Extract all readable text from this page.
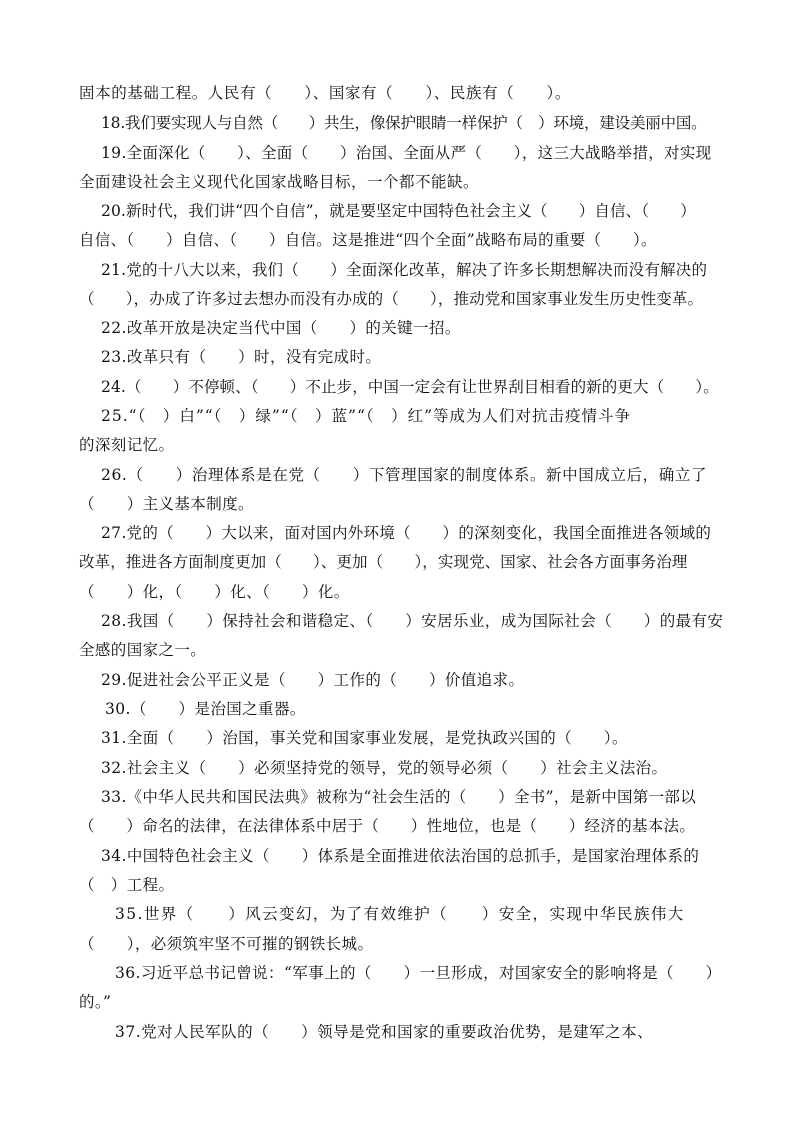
固本的基础工程。人民有（　　）、国家有（　　）、民族有（　　）。
18.我们要实现人与自然（　　）共生，像保护眼睛一样保护（　）环境，建设美丽中国。
19.全面深化（　　）、全面（　　）治国、全面从严（　　），这三大战略举措，对实现
全面建设社会主义现代化国家战略目标，一个都不能缺。
20.新时代，我们讲“四个自信”，就是要坚定中国特色社会主义（　　）自信、（　　）
自信、（　　）自信、（　　）自信。这是推进“四个全面”战略布局的重要（　　）。
21.党的十八大以来，我们（　　）全面深化改革，解决了许多长期想解决而没有解决的
（　　），办成了许多过去想办而没有办成的（　　），推动党和国家事业发生历史性变革。
22.改革开放是决定当代中国（　　）的关键一招。
23.改革只有（　　）时，没有完成时。
24.（　　）不停顿、（　　）不止步，中国一定会有让世界刮目相看的新的更大（　　）。
25.“（　）白”“（　）绿”“（　）蓝”“（　）红”等成为人们对抗击疫情斗争
的深刻记忆。
26.（　　）治理体系是在党（　　）下管理国家的制度体系。新中国成立后，确立了
（　　）主义基本制度。
27.党的（　　）大以来，面对国内外环境（　　）的深刻变化，我国全面推进各领域的
改革，推进各方面制度更加（　　）、更加（　　），实现党、国家、社会各方面事务治理
（　　）化，（　　）化、（　　）化。
28.我国（　　）保持社会和谐稳定、（　　）安居乐业，成为国际社会（　　）的最有安
全感的国家之一。
29.促进社会公平正义是（　　）工作的（　　）价值追求。
30.（　　）是治国之重器。
31.全面（　　）治国，事关党和国家事业发展，是党执政兴国的（　　）。
32.社会主义（　　）必须坚持党的领导，党的领导必须（　　）社会主义法治。
33.《中华人民共和国民法典》被称为“社会生活的（　　）全书”，是新中国第一部以
（　　）命名的法律，在法律体系中居于（　　）性地位，也是（　　）经济的基本法。
34.中国特色社会主义（　　）体系是全面推进依法治国的总抓手，是国家治理体系的
（　）工程。
35.世界（　　）风云变幻，为了有效维护（　　）安全，实现中华民族伟大
（　　），必须筑牢坚不可摧的钢铁长城。
36.习近平总书记曾说：“军事上的（　　）一旦形成，对国家安全的影响将是（　　）
的。”
37.党对人民军队的（　　）领导是党和国家的重要政治优势，是建军之本、
